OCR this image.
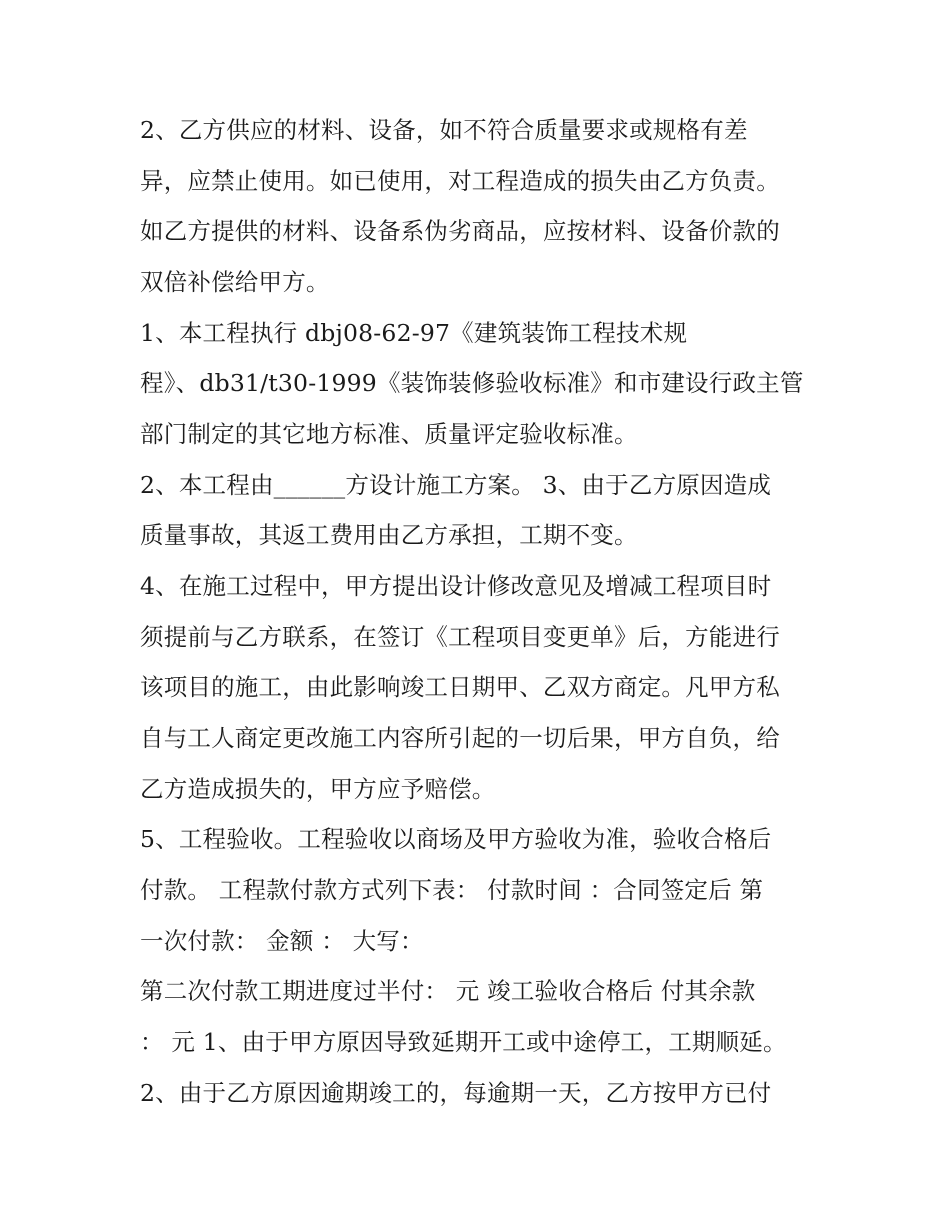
2、乙方供应的材料、设备，如不符合质量要求或规格有差
异，应禁止使用。如已使用，对工程造成的损失由乙方负责。
如乙方提供的材料、设备系伪劣商品，应按材料、设备价款的
双倍补偿给甲方。
1、本工程执行 dbj08-62-97《建筑装饰工程技术规
程》、db31/t30-1999《装饰装修验收标准》和市建设行政主管
部门制定的其它地方标准、质量评定验收标准。
2、本工程由______方设计施工方案。 3、由于乙方原因造成
质量事故，其返工费用由乙方承担，工期不变。
4、在施工过程中，甲方提出设计修改意见及增减工程项目时
须提前与乙方联系，在签订《工程项目变更单》后，方能进行
该项目的施工，由此影响竣工日期甲、乙双方商定。凡甲方私
自与工人商定更改施工内容所引起的一切后果，甲方自负，给
乙方造成损失的，甲方应予赔偿。
5、工程验收。工程验收以商场及甲方验收为准，验收合格后
付款。 工程款付款方式列下表： 付款时间 ：合同签定后 第
一次付款： 金额 ： 大写：
第二次付款工期进度过半付： 元 竣工验收合格后 付其余款
： 元 1、由于甲方原因导致延期开工或中途停工，工期顺延。
2、由于乙方原因逾期竣工的，每逾期一天，乙方按甲方已付
